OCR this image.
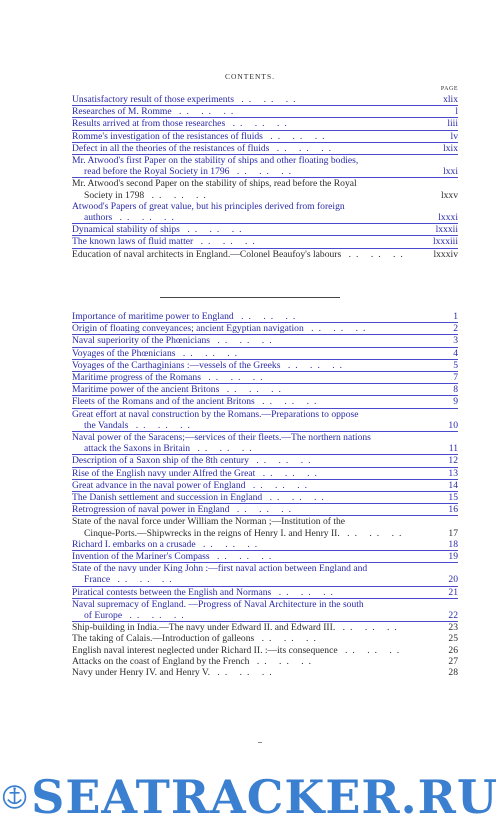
CONTENTS.
PAGE
Unsatisfactory result of those experiments .. .. ..	xlix
Researches of M. Romme .. .. ..	l
Results arrived at from those researches .. .. ..	liii
Romme's investigation of the resistances of fluids .. .. ..	lv
Defect in all the theories of the resistances of fluids .. .. ..	lxix
Mr. Atwood's first Paper on the stability of ships and other floating bodies,
read before the Royal Society in 1796 .. .. ..	lxxi
Mr. Atwood's second Paper on the stability of ships, read before the Royal
Society in 1798 .. .. ..	lxxv
Atwood's Papers of great value, but his principles derived from foreign
authors .. .. ..	lxxxi
Dynamical stability of ships .. .. ..	lxxxii
The known laws of fluid matter .. .. ..	lxxxiii
Education of naval architects in England.—Colonel Beaufoy's labours .. .. ..	lxxxiv
Importance of maritime power to England .. .. ..	1
Origin of floating conveyances; ancient Egyptian navigation .. .. ..	2
Naval superiority of the Phœnicians .. .. ..	3
Voyages of the Phœnicians .. .. ..	4
Voyages of the Carthaginians :—vessels of the Greeks .. .. ..	5
Maritime progress of the Romans .. .. ..	7
Maritime power of the ancient Britons .. .. ..	8
Fleets of the Romans and of the ancient Britons .. .. ..	9
Great effort at naval construction by the Romans.—Preparations to oppose
the Vandals .. .. ..	10
Naval power of the Saracens;—services of their fleets.—The northern nations
attack the Saxons in Britain .. .. ..	11
Description of a Saxon ship of the 8th century .. .. ..	12
Rise of the English navy under Alfred the Great .. .. ..	13
Great advance in the naval power of England .. .. ..	14
The Danish settlement and succession in England .. .. ..	15
Retrogression of naval power in England .. .. ..	16
State of the naval force under William the Norman ;—Institution of the
Cinque-Ports.—Shipwrecks in the reigns of Henry I. and Henry II. .. .. ..	17
Richard I. embarks on a crusade .. .. ..	18
Invention of the Mariner's Compass .. .. ..	19
State of the navy under King John :—first naval action between England and
France .. .. ..	20
Piratical contests between the English and Normans .. .. ..	21
Naval supremacy of England. —Progress of Naval Architecture in the south
of Europe .. .. ..	22
Ship-building in India.—The navy under Edward II. and Edward III. .. .. ..	23
The taking of Calais.—Introduction of galleons .. .. ..	25
English naval interest neglected under Richard II. :—its consequence .. .. ..	26
Attacks on the coast of England by the French .. .. ..	27
Navy under Henry IV. and Henry V. .. .. ..	28
SEATRACKER.RU
